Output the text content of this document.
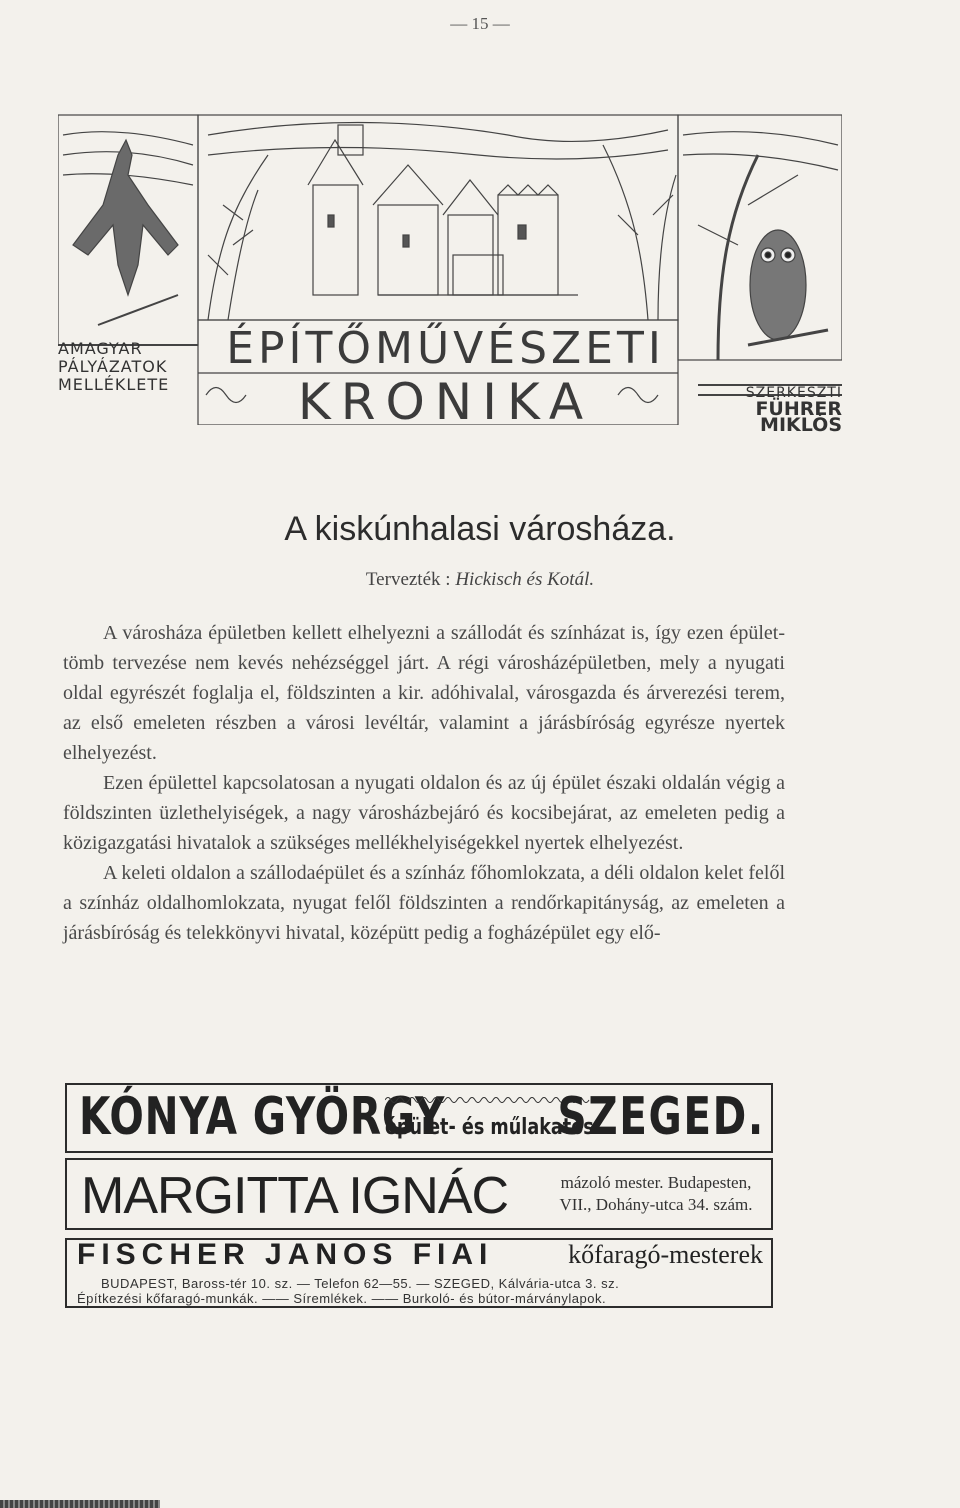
— 15 —
AMAGYAR
PÁLYÁZATOK
MELLÉKLETE
ÉPÍTŐMŰVÉSZETI
KRONIKA	SZERKESZTI
FÜHRER MIKLÓS
A kiskúnhalasi városháza.
Tervezték : Hickisch és Kotál.

A városháza épületben kellett elhelyezni a szállodát és színházat is, így ezen épület-tömb tervezése nem kevés nehézséggel járt. A régi városházépületben, mely a nyugati oldal egyrészét foglalja el, földszinten a kir. adóhivalal, városgazda és árverezési terem, az első emeleten részben a városi levéltár, valamint a járásbíróság egyrésze nyertek elhelyezést.

Ezen épülettel kapcsolatosan a nyugati oldalon és az új épület északi oldalán végig a földszinten üzlethelyiségek, a nagy városházbejáró és kocsibejárat, az emeleten pedig a közigazgatási hivatalok a szükséges mellékhelyiségekkel nyertek elhelyezést.

A keleti oldalon a szállodaépület és a színház főhomlokzata, a déli oldalon kelet felől a színház oldalhomlokzata, nyugat felől földszinten a rendőrkapitányság, az emeleten a járásbíróság és telekkönyvi hivatal, középütt pedig a fogházépület egy elő-

KÓNYA GYÖRGY
épület- és műlakatos
SZEGED.
MARGITTA IGNÁC	mázoló mester. Budapesten,
VII., Dohány-utca 34. szám.
FISCHER JANOS FIAI	kőfaragó-mesterek
BUDAPEST, Baross-tér 10. sz. — Telefon 62—55. — SZEGED, Kálvária-utca 3. sz.
Építkezési kőfaragó-munkák. —— Síremlékek. —— Burkoló- és bútor-márványlapok.
